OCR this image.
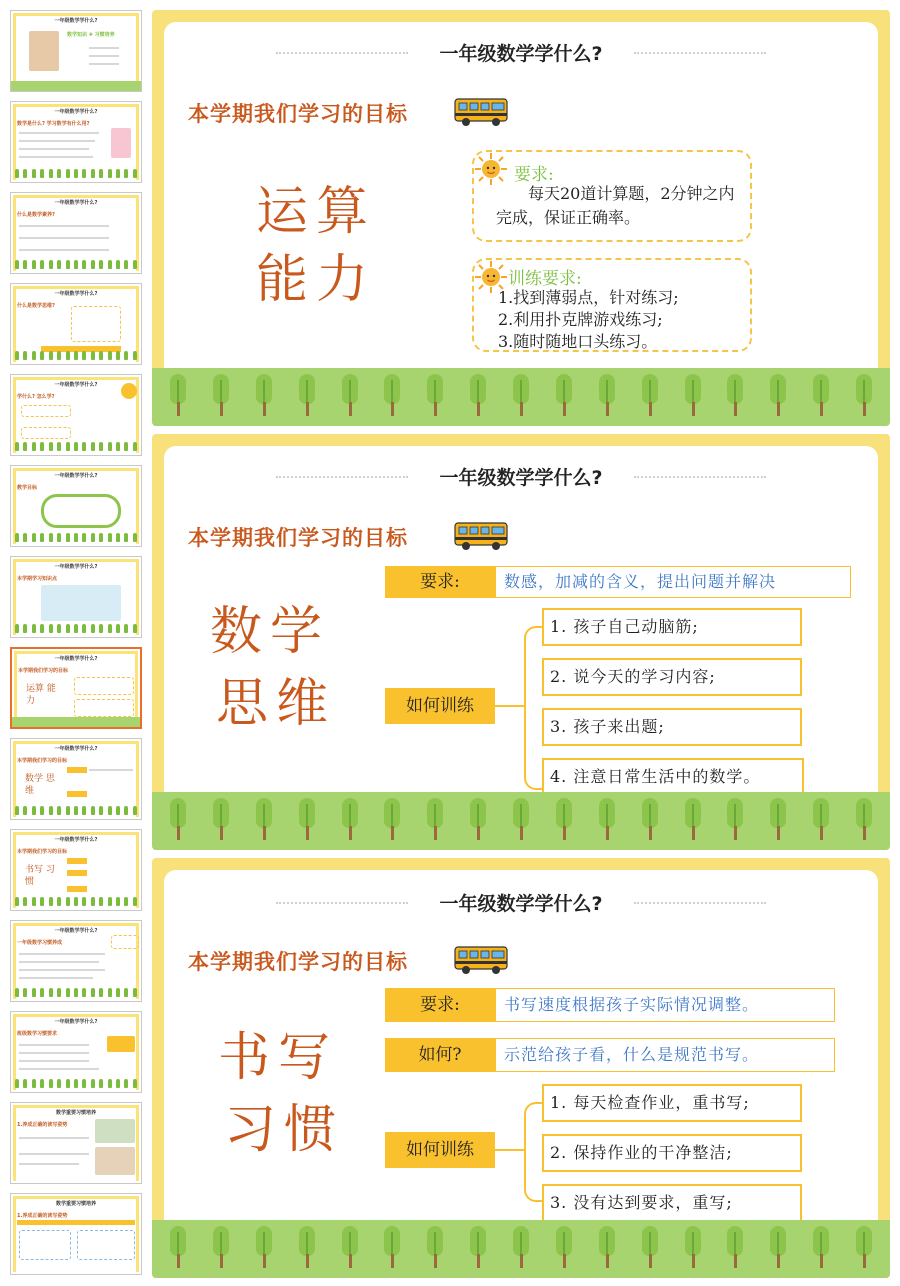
一年级数学学什么?
数学知识 ✚ 习惯培养
一年级数学学什么?
数学是什么? 学习数学有什么用?
一年级数学学什么?
什么是数学素养?
一年级数学学什么?
什么是数学思维?
一年级数学学什么?
学什么? 怎么学?
一年级数学学什么?
教学目标
一年级数学学什么?
本学期学习知识点
一年级数学学什么?
本学期我们学习的目标
运算 能力
一年级数学学什么?
本学期我们学习的目标
数学 思维
一年级数学学什么?
本学期我们学习的目标
书写 习惯
一年级数学学什么?
一年级数学习惯养成
一年级数学学什么?
班级数学习惯要求
数学重要习惯培养
1.养成正确的读写姿势
数学重要习惯培养
1.养成正确的读写姿势
一年级数学学什么?
本学期我们学习的目标
运算
能力
要求:
每天20道计算题，2分钟之内完成，保证正确率。
训练要求:
1.找到薄弱点，针对练习;
2.利用扑克牌游戏练习;
3.随时随地口头练习。
一年级数学学什么?
本学期我们学习的目标
数学
思维
要求:	数感，加减的含义，提出问题并解决
如何训练
1. 孩子自己动脑筋;
2. 说今天的学习内容;
3. 孩子来出题;
4. 注意日常生活中的数学。
一年级数学学什么?
本学期我们学习的目标
书写
习惯
要求:	书写速度根据孩子实际情况调整。
如何?	示范给孩子看，什么是规范书写。
如何训练
1. 每天检查作业，重书写;
2. 保持作业的干净整洁;
3. 没有达到要求，重写;
